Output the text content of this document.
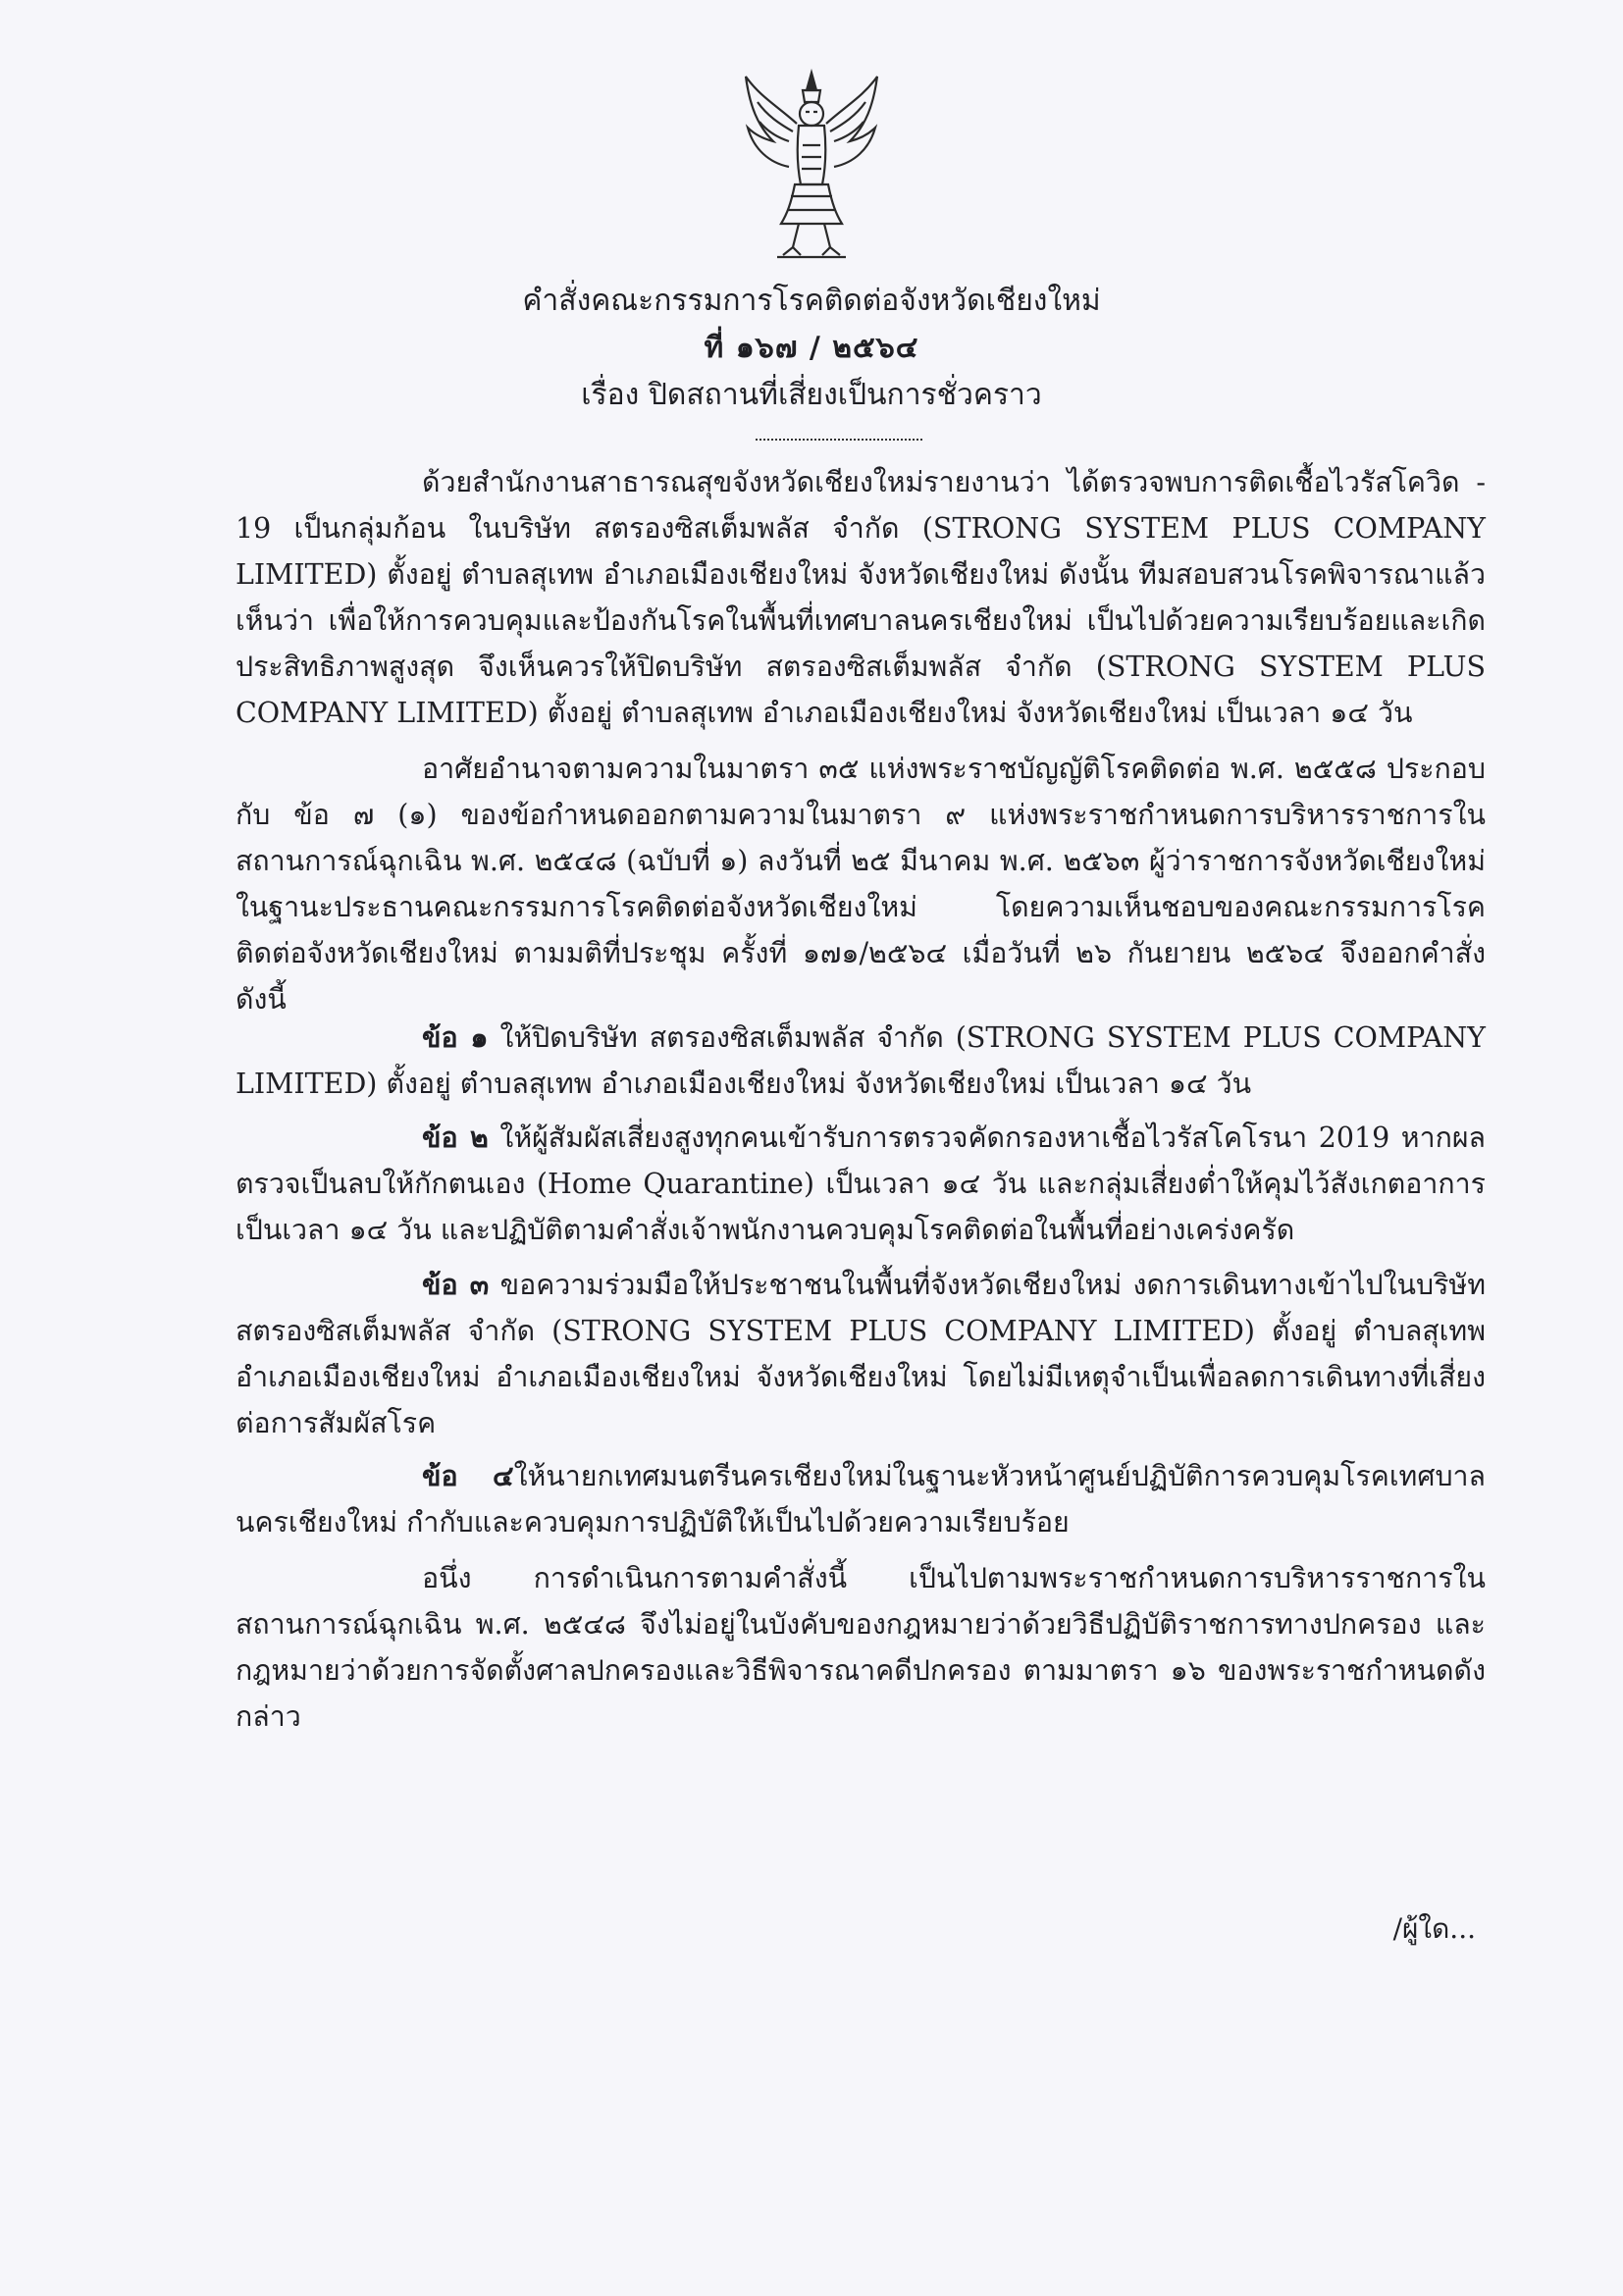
คำสั่งคณะกรรมการโรคติดต่อจังหวัดเชียงใหม่
ที่ ๑๖๗ / ๒๕๖๔
เรื่อง ปิดสถานที่เสี่ยงเป็นการชั่วคราว

ด้วยสำนักงานสาธารณสุขจังหวัดเชียงใหม่รายงานว่า ได้ตรวจพบการติดเชื้อไวรัสโควิด - 19 เป็นกลุ่มก้อน ในบริษัท สตรองซิสเต็มพลัส จำกัด (STRONG SYSTEM PLUS COMPANY LIMITED) ตั้งอยู่ ตำบลสุเทพ อำเภอเมืองเชียงใหม่ จังหวัดเชียงใหม่ ดังนั้น ทีมสอบสวนโรคพิจารณาแล้ว เห็นว่า เพื่อให้การควบคุมและป้องกันโรคในพื้นที่เทศบาลนครเชียงใหม่ เป็นไปด้วยความเรียบร้อยและเกิดประสิทธิภาพสูงสุด จึงเห็นควรให้ปิดบริษัท สตรองซิสเต็มพลัส จำกัด (STRONG SYSTEM PLUS COMPANY LIMITED) ตั้งอยู่ ตำบลสุเทพ อำเภอเมืองเชียงใหม่ จังหวัดเชียงใหม่ เป็นเวลา ๑๔ วัน

อาศัยอำนาจตามความในมาตรา ๓๕ แห่งพระราชบัญญัติโรคติดต่อ พ.ศ. ๒๕๕๘ ประกอบกับ ข้อ ๗ (๑) ของข้อกำหนดออกตามความในมาตรา ๙ แห่งพระราชกำหนดการบริหารราชการในสถานการณ์ฉุกเฉิน พ.ศ. ๒๕๔๘ (ฉบับที่ ๑) ลงวันที่ ๒๕ มีนาคม พ.ศ. ๒๕๖๓ ผู้ว่าราชการจังหวัดเชียงใหม่ในฐานะประธานคณะกรรมการโรคติดต่อจังหวัดเชียงใหม่ โดยความเห็นชอบของคณะกรรมการโรคติดต่อจังหวัดเชียงใหม่ ตามมติที่ประชุม ครั้งที่ ๑๗๑/๒๕๖๔ เมื่อวันที่ ๒๖ กันยายน ๒๕๖๔ จึงออกคำสั่ง ดังนี้

ข้อ ๑ ให้ปิดบริษัท สตรองซิสเต็มพลัส จำกัด (STRONG SYSTEM PLUS COMPANY LIMITED) ตั้งอยู่ ตำบลสุเทพ อำเภอเมืองเชียงใหม่ จังหวัดเชียงใหม่ เป็นเวลา ๑๔ วัน

ข้อ ๒ ให้ผู้สัมผัสเสี่ยงสูงทุกคนเข้ารับการตรวจคัดกรองหาเชื้อไวรัสโคโรนา 2019 หากผลตรวจเป็นลบให้กักตนเอง (Home Quarantine) เป็นเวลา ๑๔ วัน และกลุ่มเสี่ยงต่ำให้คุมไว้สังเกตอาการ เป็นเวลา ๑๔ วัน และปฏิบัติตามคำสั่งเจ้าพนักงานควบคุมโรคติดต่อในพื้นที่อย่างเคร่งครัด

ข้อ ๓ ขอความร่วมมือให้ประชาชนในพื้นที่จังหวัดเชียงใหม่ งดการเดินทางเข้าไปในบริษัท สตรองซิสเต็มพลัส จำกัด (STRONG SYSTEM PLUS COMPANY LIMITED) ตั้งอยู่ ตำบลสุเทพ อำเภอเมืองเชียงใหม่ อำเภอเมืองเชียงใหม่ จังหวัดเชียงใหม่ โดยไม่มีเหตุจำเป็นเพื่อลดการเดินทางที่เสี่ยงต่อการสัมผัสโรค

ข้อ ๔ให้นายกเทศมนตรีนครเชียงใหม่ในฐานะหัวหน้าศูนย์ปฏิบัติการควบคุมโรคเทศบาลนครเชียงใหม่ กำกับและควบคุมการปฏิบัติให้เป็นไปด้วยความเรียบร้อย

อนึ่ง การดำเนินการตามคำสั่งนี้ เป็นไปตามพระราชกำหนดการบริหารราชการในสถานการณ์ฉุกเฉิน พ.ศ. ๒๕๔๘ จึงไม่อยู่ในบังคับของกฎหมายว่าด้วยวิธีปฏิบัติราชการทางปกครอง และกฎหมายว่าด้วยการจัดตั้งศาลปกครองและวิธีพิจารณาคดีปกครอง ตามมาตรา ๑๖ ของพระราชกำหนดดังกล่าว

/ผู้ใด...
